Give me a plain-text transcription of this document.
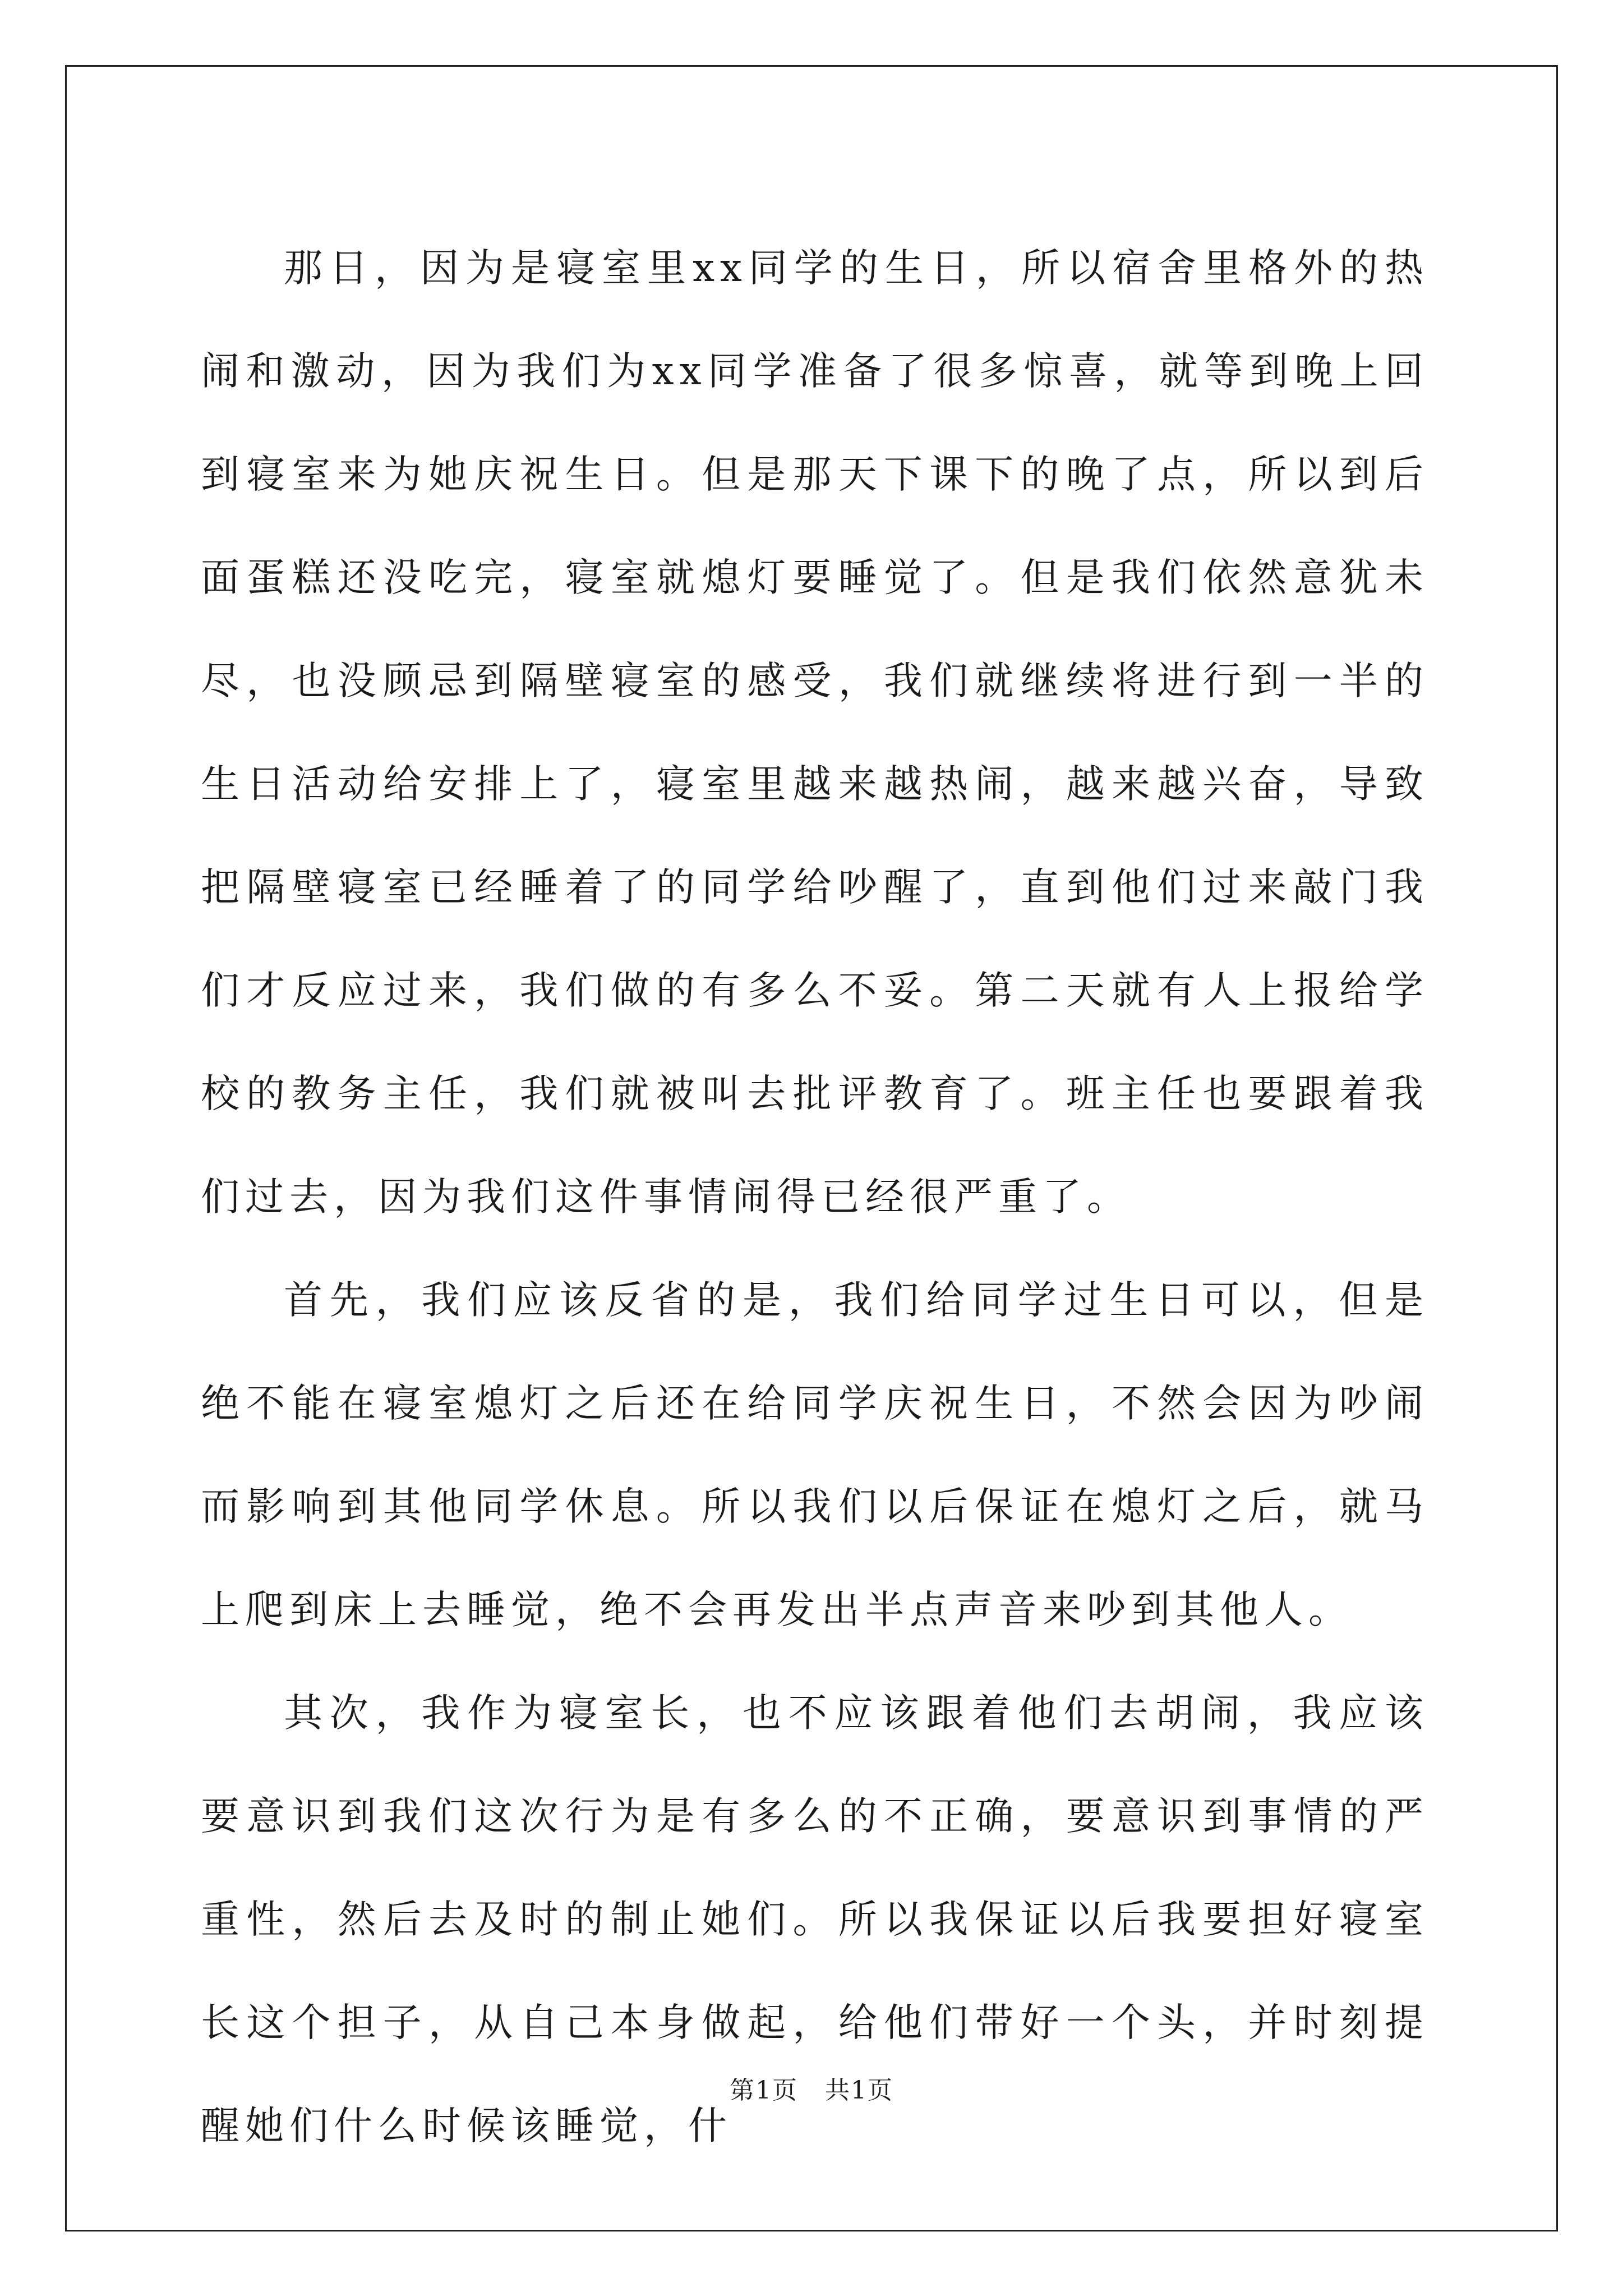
那日，因为是寝室里xx同学的生日，所以宿舍里格外的热闹和激动，因为我们为xx同学准备了很多惊喜，就等到晚上回到寝室来为她庆祝生日。但是那天下课下的晚了点，所以到后面蛋糕还没吃完，寝室就熄灯要睡觉了。但是我们依然意犹未尽，也没顾忌到隔壁寝室的感受，我们就继续将进行到一半的生日活动给安排上了，寝室里越来越热闹，越来越兴奋，导致把隔壁寝室已经睡着了的同学给吵醒了，直到他们过来敲门我们才反应过来，我们做的有多么不妥。第二天就有人上报给学校的教务主任，我们就被叫去批评教育了。班主任也要跟着我们过去，因为我们这件事情闹得已经很严重了。

首先，我们应该反省的是，我们给同学过生日可以，但是绝不能在寝室熄灯之后还在给同学庆祝生日，不然会因为吵闹而影响到其他同学休息。所以我们以后保证在熄灯之后，就马上爬到床上去睡觉，绝不会再发出半点声音来吵到其他人。

其次，我作为寝室长，也不应该跟着他们去胡闹，我应该要意识到我们这次行为是有多么的不正确，要意识到事情的严重性，然后去及时的制止她们。所以我保证以后我要担好寝室长这个担子，从自己本身做起，给他们带好一个头，并时刻提醒她们什么时候该睡觉，什

第1页 共1页
